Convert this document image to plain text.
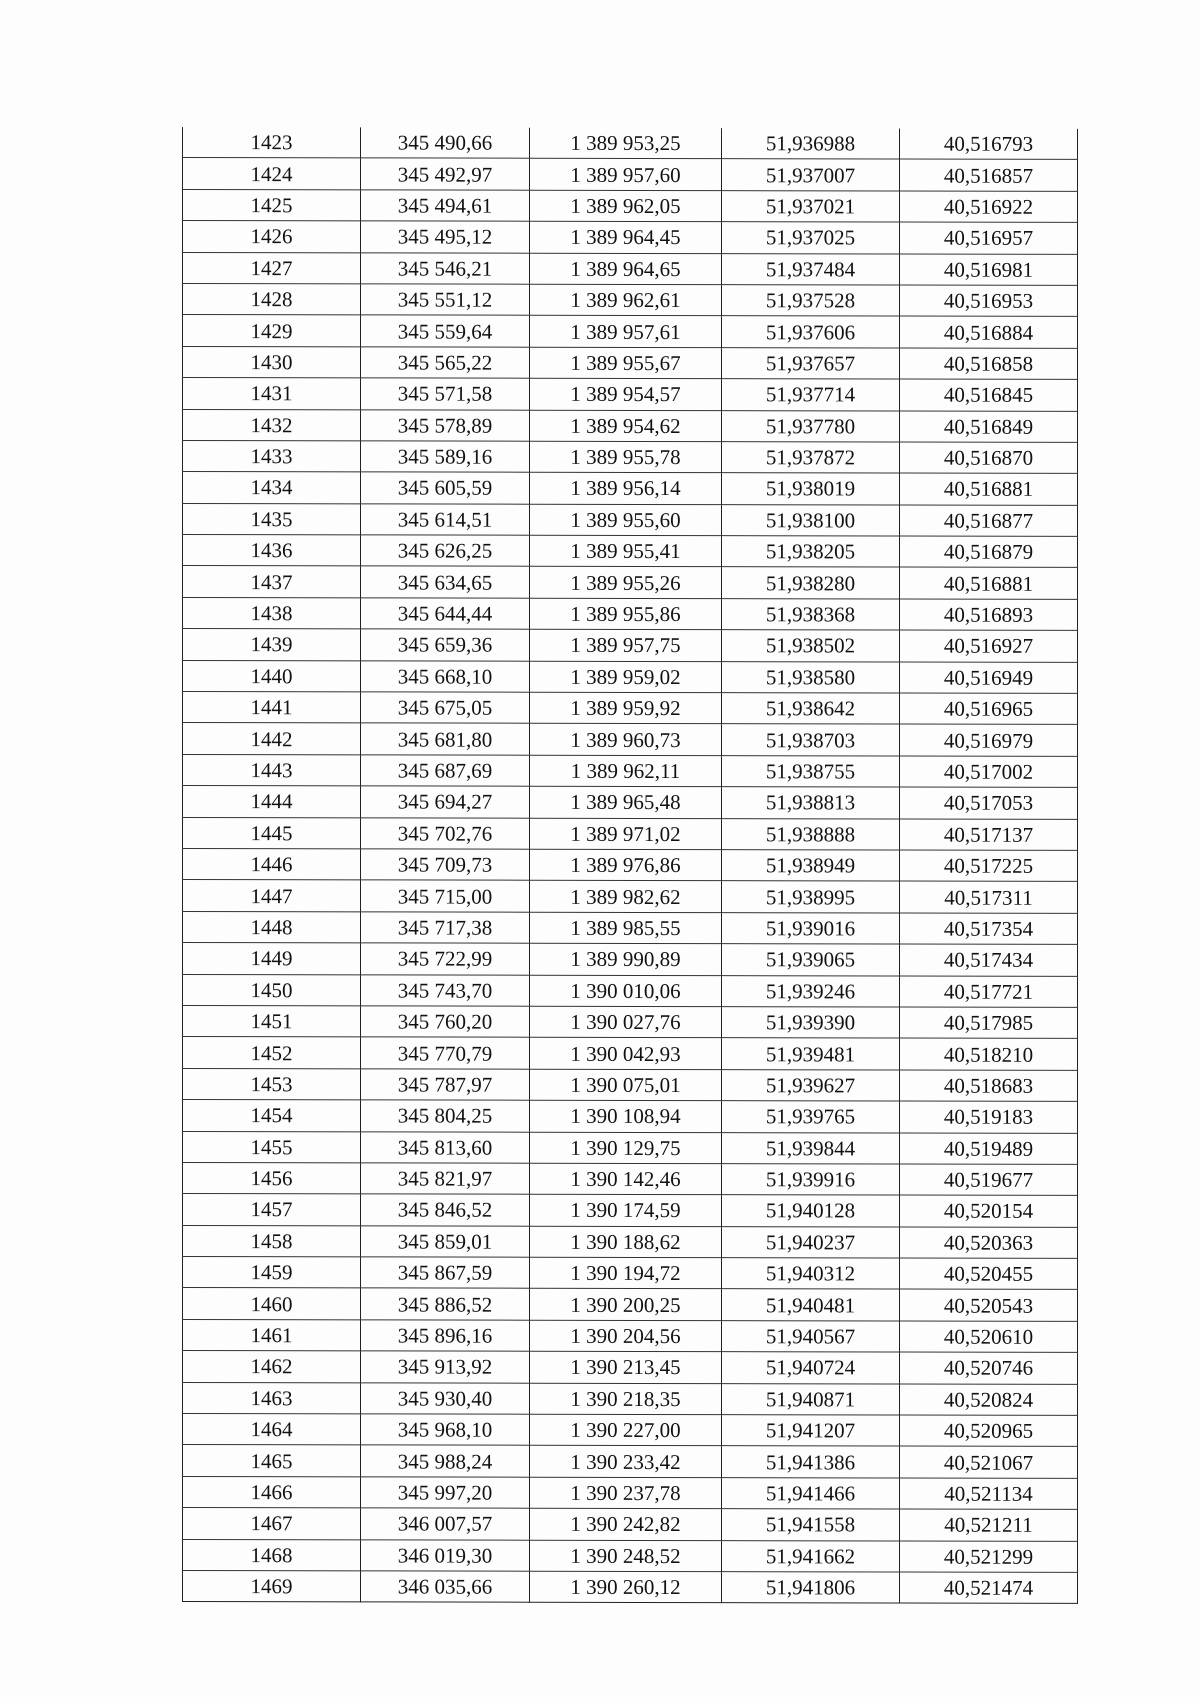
1423	345 490,66	1 389 953,25	51,936988	40,516793
1424	345 492,97	1 389 957,60	51,937007	40,516857
1425	345 494,61	1 389 962,05	51,937021	40,516922
1426	345 495,12	1 389 964,45	51,937025	40,516957
1427	345 546,21	1 389 964,65	51,937484	40,516981
1428	345 551,12	1 389 962,61	51,937528	40,516953
1429	345 559,64	1 389 957,61	51,937606	40,516884
1430	345 565,22	1 389 955,67	51,937657	40,516858
1431	345 571,58	1 389 954,57	51,937714	40,516845
1432	345 578,89	1 389 954,62	51,937780	40,516849
1433	345 589,16	1 389 955,78	51,937872	40,516870
1434	345 605,59	1 389 956,14	51,938019	40,516881
1435	345 614,51	1 389 955,60	51,938100	40,516877
1436	345 626,25	1 389 955,41	51,938205	40,516879
1437	345 634,65	1 389 955,26	51,938280	40,516881
1438	345 644,44	1 389 955,86	51,938368	40,516893
1439	345 659,36	1 389 957,75	51,938502	40,516927
1440	345 668,10	1 389 959,02	51,938580	40,516949
1441	345 675,05	1 389 959,92	51,938642	40,516965
1442	345 681,80	1 389 960,73	51,938703	40,516979
1443	345 687,69	1 389 962,11	51,938755	40,517002
1444	345 694,27	1 389 965,48	51,938813	40,517053
1445	345 702,76	1 389 971,02	51,938888	40,517137
1446	345 709,73	1 389 976,86	51,938949	40,517225
1447	345 715,00	1 389 982,62	51,938995	40,517311
1448	345 717,38	1 389 985,55	51,939016	40,517354
1449	345 722,99	1 389 990,89	51,939065	40,517434
1450	345 743,70	1 390 010,06	51,939246	40,517721
1451	345 760,20	1 390 027,76	51,939390	40,517985
1452	345 770,79	1 390 042,93	51,939481	40,518210
1453	345 787,97	1 390 075,01	51,939627	40,518683
1454	345 804,25	1 390 108,94	51,939765	40,519183
1455	345 813,60	1 390 129,75	51,939844	40,519489
1456	345 821,97	1 390 142,46	51,939916	40,519677
1457	345 846,52	1 390 174,59	51,940128	40,520154
1458	345 859,01	1 390 188,62	51,940237	40,520363
1459	345 867,59	1 390 194,72	51,940312	40,520455
1460	345 886,52	1 390 200,25	51,940481	40,520543
1461	345 896,16	1 390 204,56	51,940567	40,520610
1462	345 913,92	1 390 213,45	51,940724	40,520746
1463	345 930,40	1 390 218,35	51,940871	40,520824
1464	345 968,10	1 390 227,00	51,941207	40,520965
1465	345 988,24	1 390 233,42	51,941386	40,521067
1466	345 997,20	1 390 237,78	51,941466	40,521134
1467	346 007,57	1 390 242,82	51,941558	40,521211
1468	346 019,30	1 390 248,52	51,941662	40,521299
1469	346 035,66	1 390 260,12	51,941806	40,521474
